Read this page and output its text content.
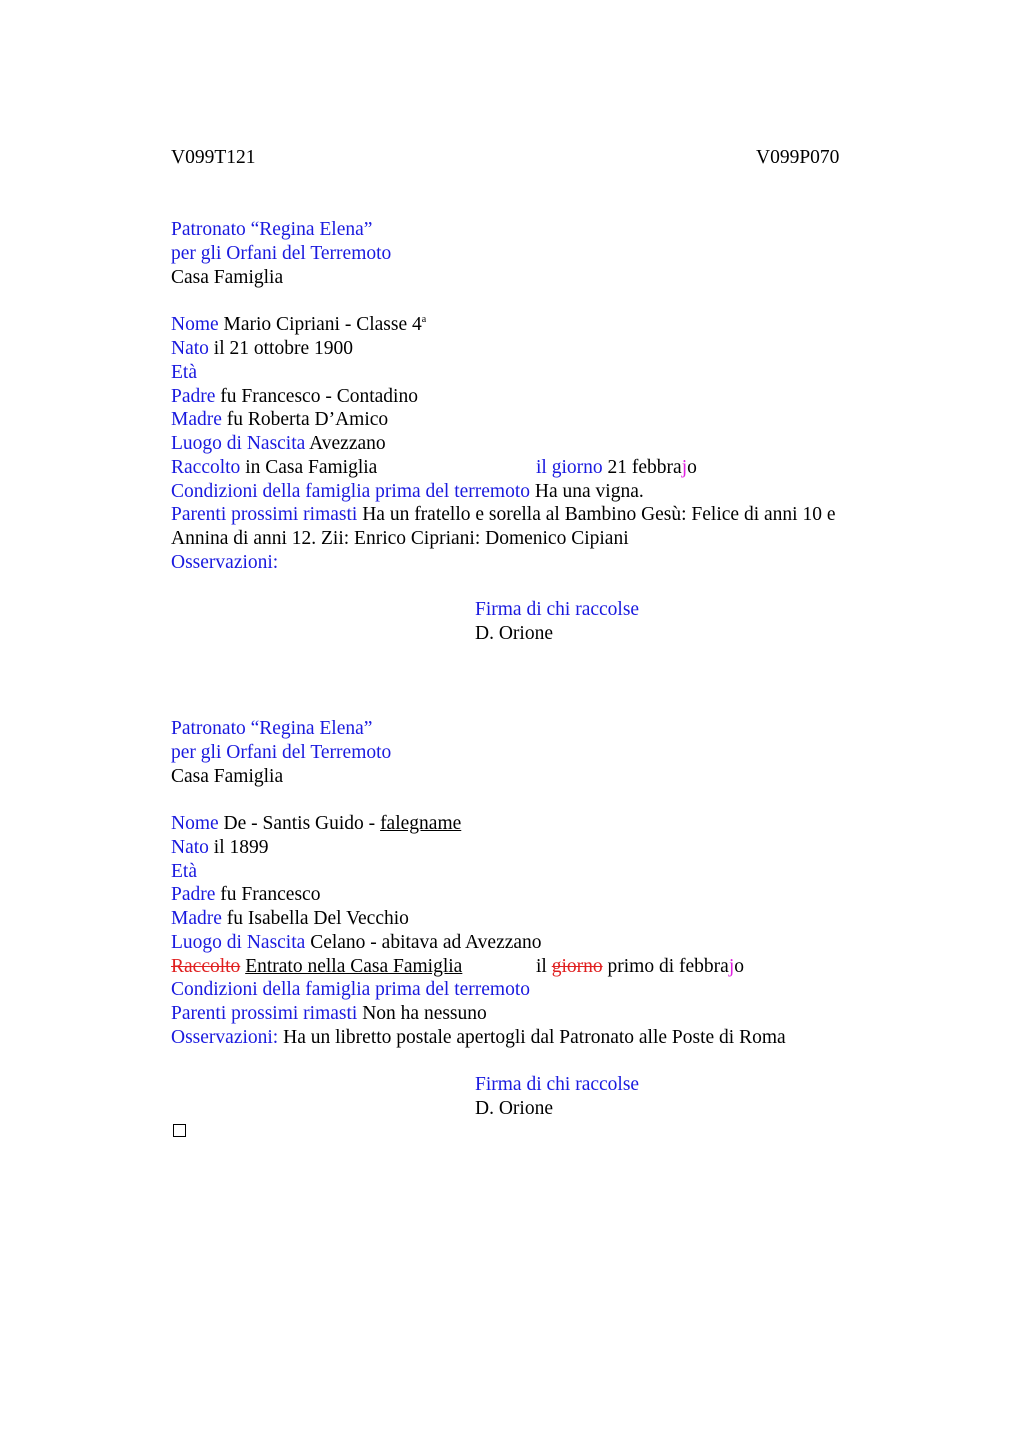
V099T121	V099P070
Patronato “Regina Elena”
per gli Orfani del Terremoto
Casa Famiglia
Nome Mario Cipriani - Classe 4$^a$
Nato il 21 ottobre 1900
Età
Padre fu Francesco - Contadino
Madre fu Roberta D’Amico
Luogo di Nascita Avezzano
Raccolto in Casa Famiglia	il giorno 21 febbrajo
Condizioni della famiglia prima del terremoto Ha una vigna.
Parenti prossimi rimasti Ha un fratello e sorella al Bambino Gesù: Felice di anni 10 e
Annina di anni 12. Zii: Enrico Cipriani: Domenico Cipiani
Osservazioni:
Firma di chi raccolse
D. Orione
Patronato “Regina Elena”
per gli Orfani del Terremoto
Casa Famiglia
Nome De - Santis Guido - falegname
Nato il 1899
Età
Padre fu Francesco
Madre fu Isabella Del Vecchio
Luogo di Nascita Celano - abitava ad Avezzano
Raccolto Entrato nella Casa Famiglia	il giorno primo di febbrajo
Condizioni della famiglia prima del terremoto
Parenti prossimi rimasti Non ha nessuno
Osservazioni: Ha un libretto postale apertogli dal Patronato alle Poste di Roma
Firma di chi raccolse
D. Orione
